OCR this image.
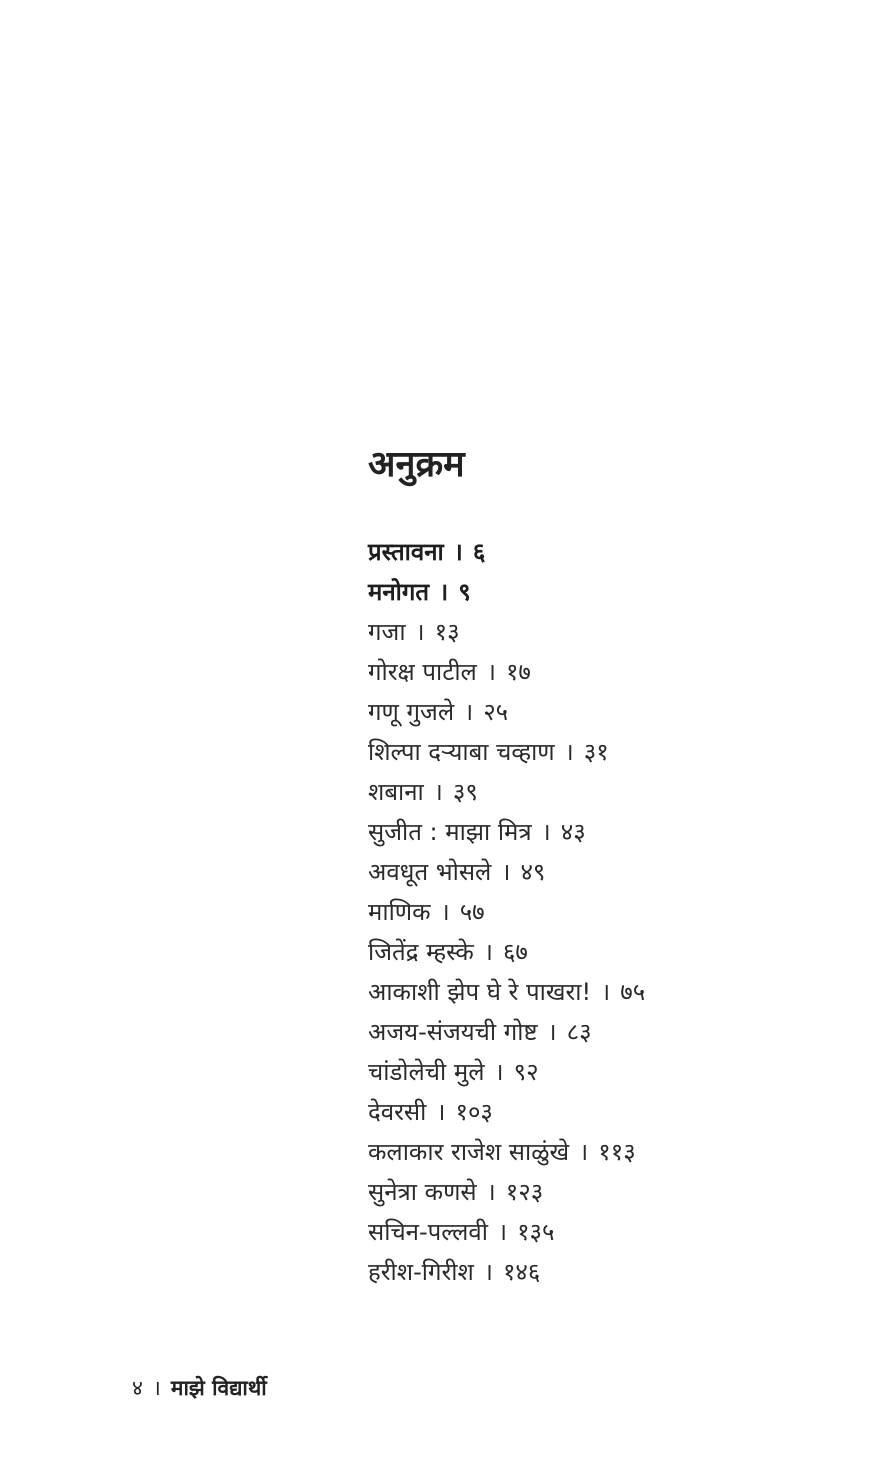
अनुक्रम
प्रस्तावना । ६
मनोगत । ९
गजा । १३
गोरक्ष पाटील । १७
गणू गुजले । २५
शिल्पा दऱ्याबा चव्हाण । ३१
शबाना । ३९
सुजीत : माझा मित्र । ४३
अवधूत भोसले । ४९
माणिक । ५७
जितेंद्र म्हस्के । ६७
आकाशी झेप घे रे पाखरा! । ७५
अजय-संजयची गोष्ट । ८३
चांडोलेची मुले । ९२
देवरसी । १०३
कलाकार राजेश साळुंखे । ११३
सुनेत्रा कणसे । १२३
सचिन-पल्लवी । १३५
हरीश-गिरीश । १४६
४ । माझे विद्यार्थी
